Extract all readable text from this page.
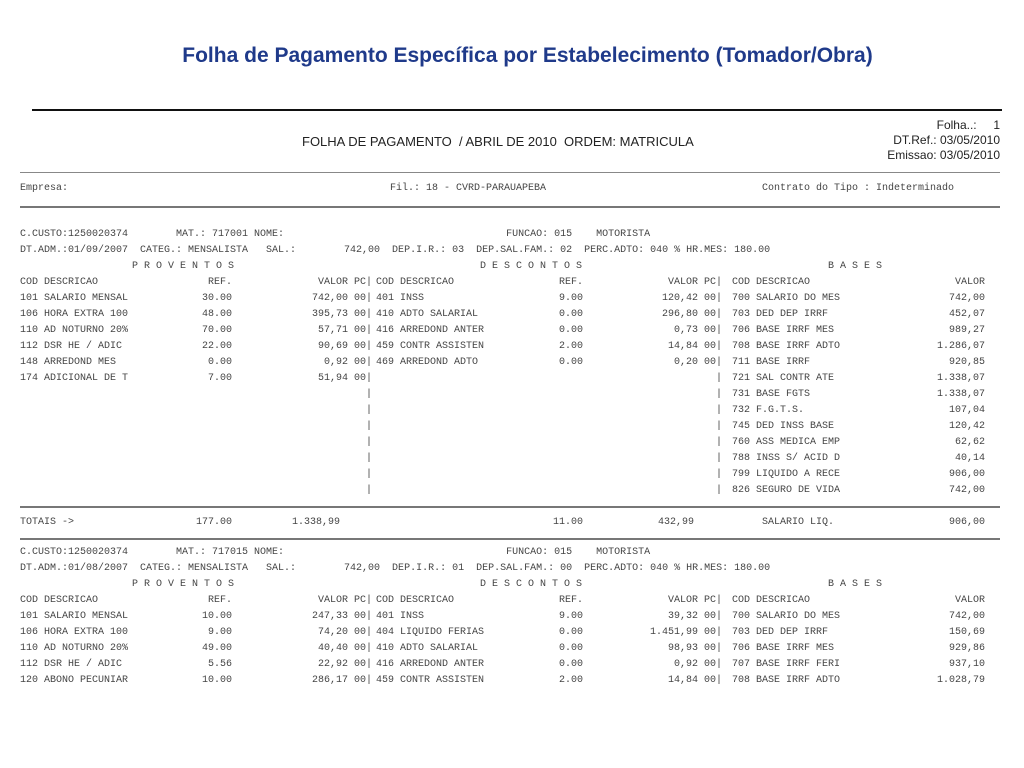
Folha de Pagamento Específica por Estabelecimento (Tomador/Obra)
FOLHA DE PAGAMENTO  / ABRIL DE 2010  ORDEM: MATRICULA
Folha..: 1
DT.Ref.: 03/05/2010
Emissao: 03/05/2010
Empresa:	Fil.: 18 - CVRD-PARAUAPEBA	Contrato do Tipo : Indeterminado
C.CUSTO:1250020374        MAT.: 717001 NOME:                                     FUNCAO: 015    MOTORISTA
DT.ADM.:01/09/2007  CATEG.: MENSALISTA   SAL.:        742,00  DEP.I.R.: 03  DEP.SAL.FAM.: 02  PERC.ADTO: 040 % HR.MES: 180.00
P R O V E N T O S	D E S C O N T O S	B A S E S
COD DESCRICAO	REF.	VALOR PC| COD DESCRICAO	REF.	VALOR PC| COD DESCRICAO	VALOR
101 SALARIO MENSAL	30.00	742,00 00| 401 INSS	9.00	120,42 00| 700 SALARIO DO MES	742,00
106 HORA EXTRA 100	48.00	395,73 00| 410 ADTO SALARIAL	0.00	296,80 00| 703 DED DEP IRRF	452,07
110 AD NOTURNO 20%	70.00	57,71 00| 416 ARREDOND ANTER	0.00	0,73 00| 706 BASE IRRF MES	989,27
112 DSR HE / ADIC	22.00	90,69 00| 459 CONTR ASSISTEN	2.00	14,84 00| 708 BASE IRRF ADTO	1.286,07
148 ARREDOND MES	0.00	0,92 00| 469 ARREDOND ADTO	0.00	0,20 00| 711 BASE IRRF	920,85
174 ADICIONAL DE T	7.00	51,94 00|	| 721 SAL CONTR ATE	1.338,07
|	| 731 BASE FGTS	1.338,07
|	| 732 F.G.T.S.	107,04
|	| 745 DED INSS BASE	120,42
|	| 760 ASS MEDICA EMP	62,62
|	| 788 INSS S/ ACID D	40,14
|	| 799 LIQUIDO A RECE	906,00
|	| 826 SEGURO DE VIDA	742,00
TOTAIS ->	177.00	1.338,99	11.00	432,99	SALARIO LIQ.	906,00
C.CUSTO:1250020374        MAT.: 717015 NOME:                                     FUNCAO: 015    MOTORISTA
DT.ADM.:01/08/2007  CATEG.: MENSALISTA   SAL.:        742,00  DEP.I.R.: 01  DEP.SAL.FAM.: 00  PERC.ADTO: 040 % HR.MES: 180.00
P R O V E N T O S	D E S C O N T O S	B A S E S
COD DESCRICAO	REF.	VALOR PC| COD DESCRICAO	REF.	VALOR PC| COD DESCRICAO	VALOR
101 SALARIO MENSAL	10.00	247,33 00| 401 INSS	9.00	39,32 00| 700 SALARIO DO MES	742,00
106 HORA EXTRA 100	9.00	74,20 00| 404 LIQUIDO FERIAS	0.00	1.451,99 00| 703 DED DEP IRRF	150,69
110 AD NOTURNO 20%	49.00	40,40 00| 410 ADTO SALARIAL	0.00	98,93 00| 706 BASE IRRF MES	929,86
112 DSR HE / ADIC	5.56	22,92 00| 416 ARREDOND ANTER	0.00	0,92 00| 707 BASE IRRF FERI	937,10
120 ABONO PECUNIAR	10.00	286,17 00| 459 CONTR ASSISTEN	2.00	14,84 00| 708 BASE IRRF ADTO	1.028,79
